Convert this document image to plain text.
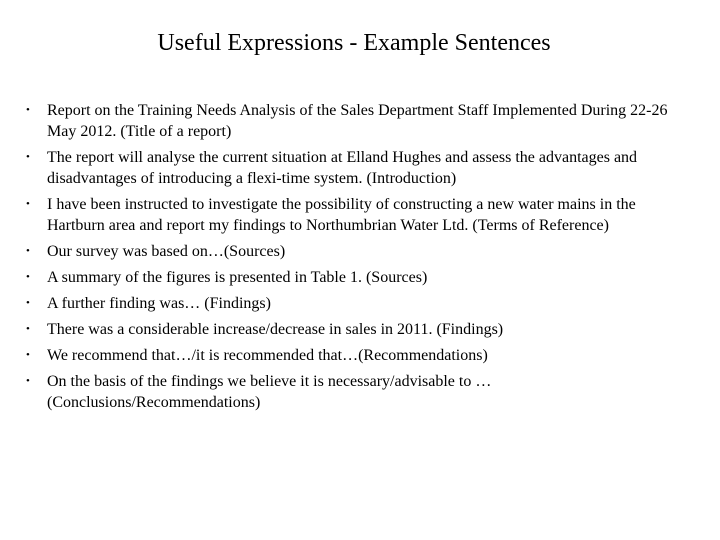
Useful Expressions - Example Sentences
• Report on the Training Needs Analysis of the Sales Department Staff Implemented During 22-26 May 2012. (Title of a report)
• The report will analyse the current situation at Elland Hughes and assess the advantages and disadvantages of introducing a flexi-time system. (Introduction)
• I have been instructed to investigate the possibility of constructing a new water mains in the Hartburn area and report my findings to Northumbrian Water Ltd. (Terms of Reference)
• Our survey was based on…(Sources)
• A summary of the figures is presented in Table 1. (Sources)
• A further finding was… (Findings)
• There was a considerable increase/decrease in sales in 2011. (Findings)
• We recommend that…/it is recommended that…(Recommendations)
• On the basis of the findings we believe it is necessary/advisable to … (Conclusions/Recommendations)
